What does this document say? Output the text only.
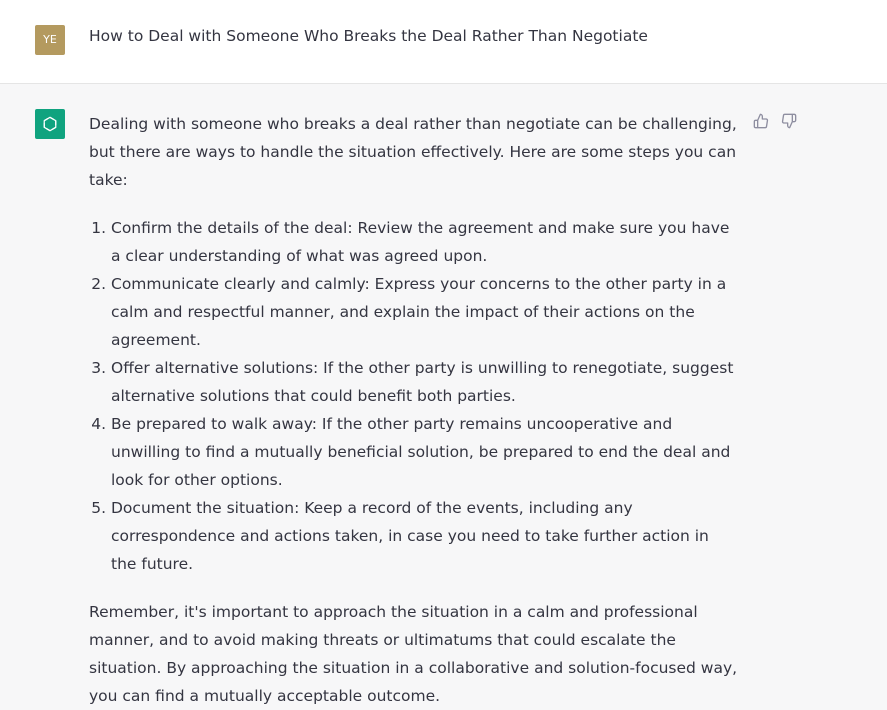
YE	How to Deal with Someone Who Breaks the Deal Rather Than Negotiate

Dealing with someone who breaks a deal rather than negotiate can be challenging, but there are ways to handle the situation effectively. Here are some steps you can take:

1. Confirm the details of the deal: Review the agreement and make sure you have a clear understanding of what was agreed upon.
2. Communicate clearly and calmly: Express your concerns to the other party in a calm and respectful manner, and explain the impact of their actions on the agreement.
3. Offer alternative solutions: If the other party is unwilling to renegotiate, suggest alternative solutions that could benefit both parties.
4. Be prepared to walk away: If the other party remains uncooperative and unwilling to find a mutually beneficial solution, be prepared to end the deal and look for other options.
5. Document the situation: Keep a record of the events, including any correspondence and actions taken, in case you need to take further action in the future.

Remember, it's important to approach the situation in a calm and professional manner, and to avoid making threats or ultimatums that could escalate the situation. By approaching the situation in a collaborative and solution-focused way, you can find a mutually acceptable outcome.
